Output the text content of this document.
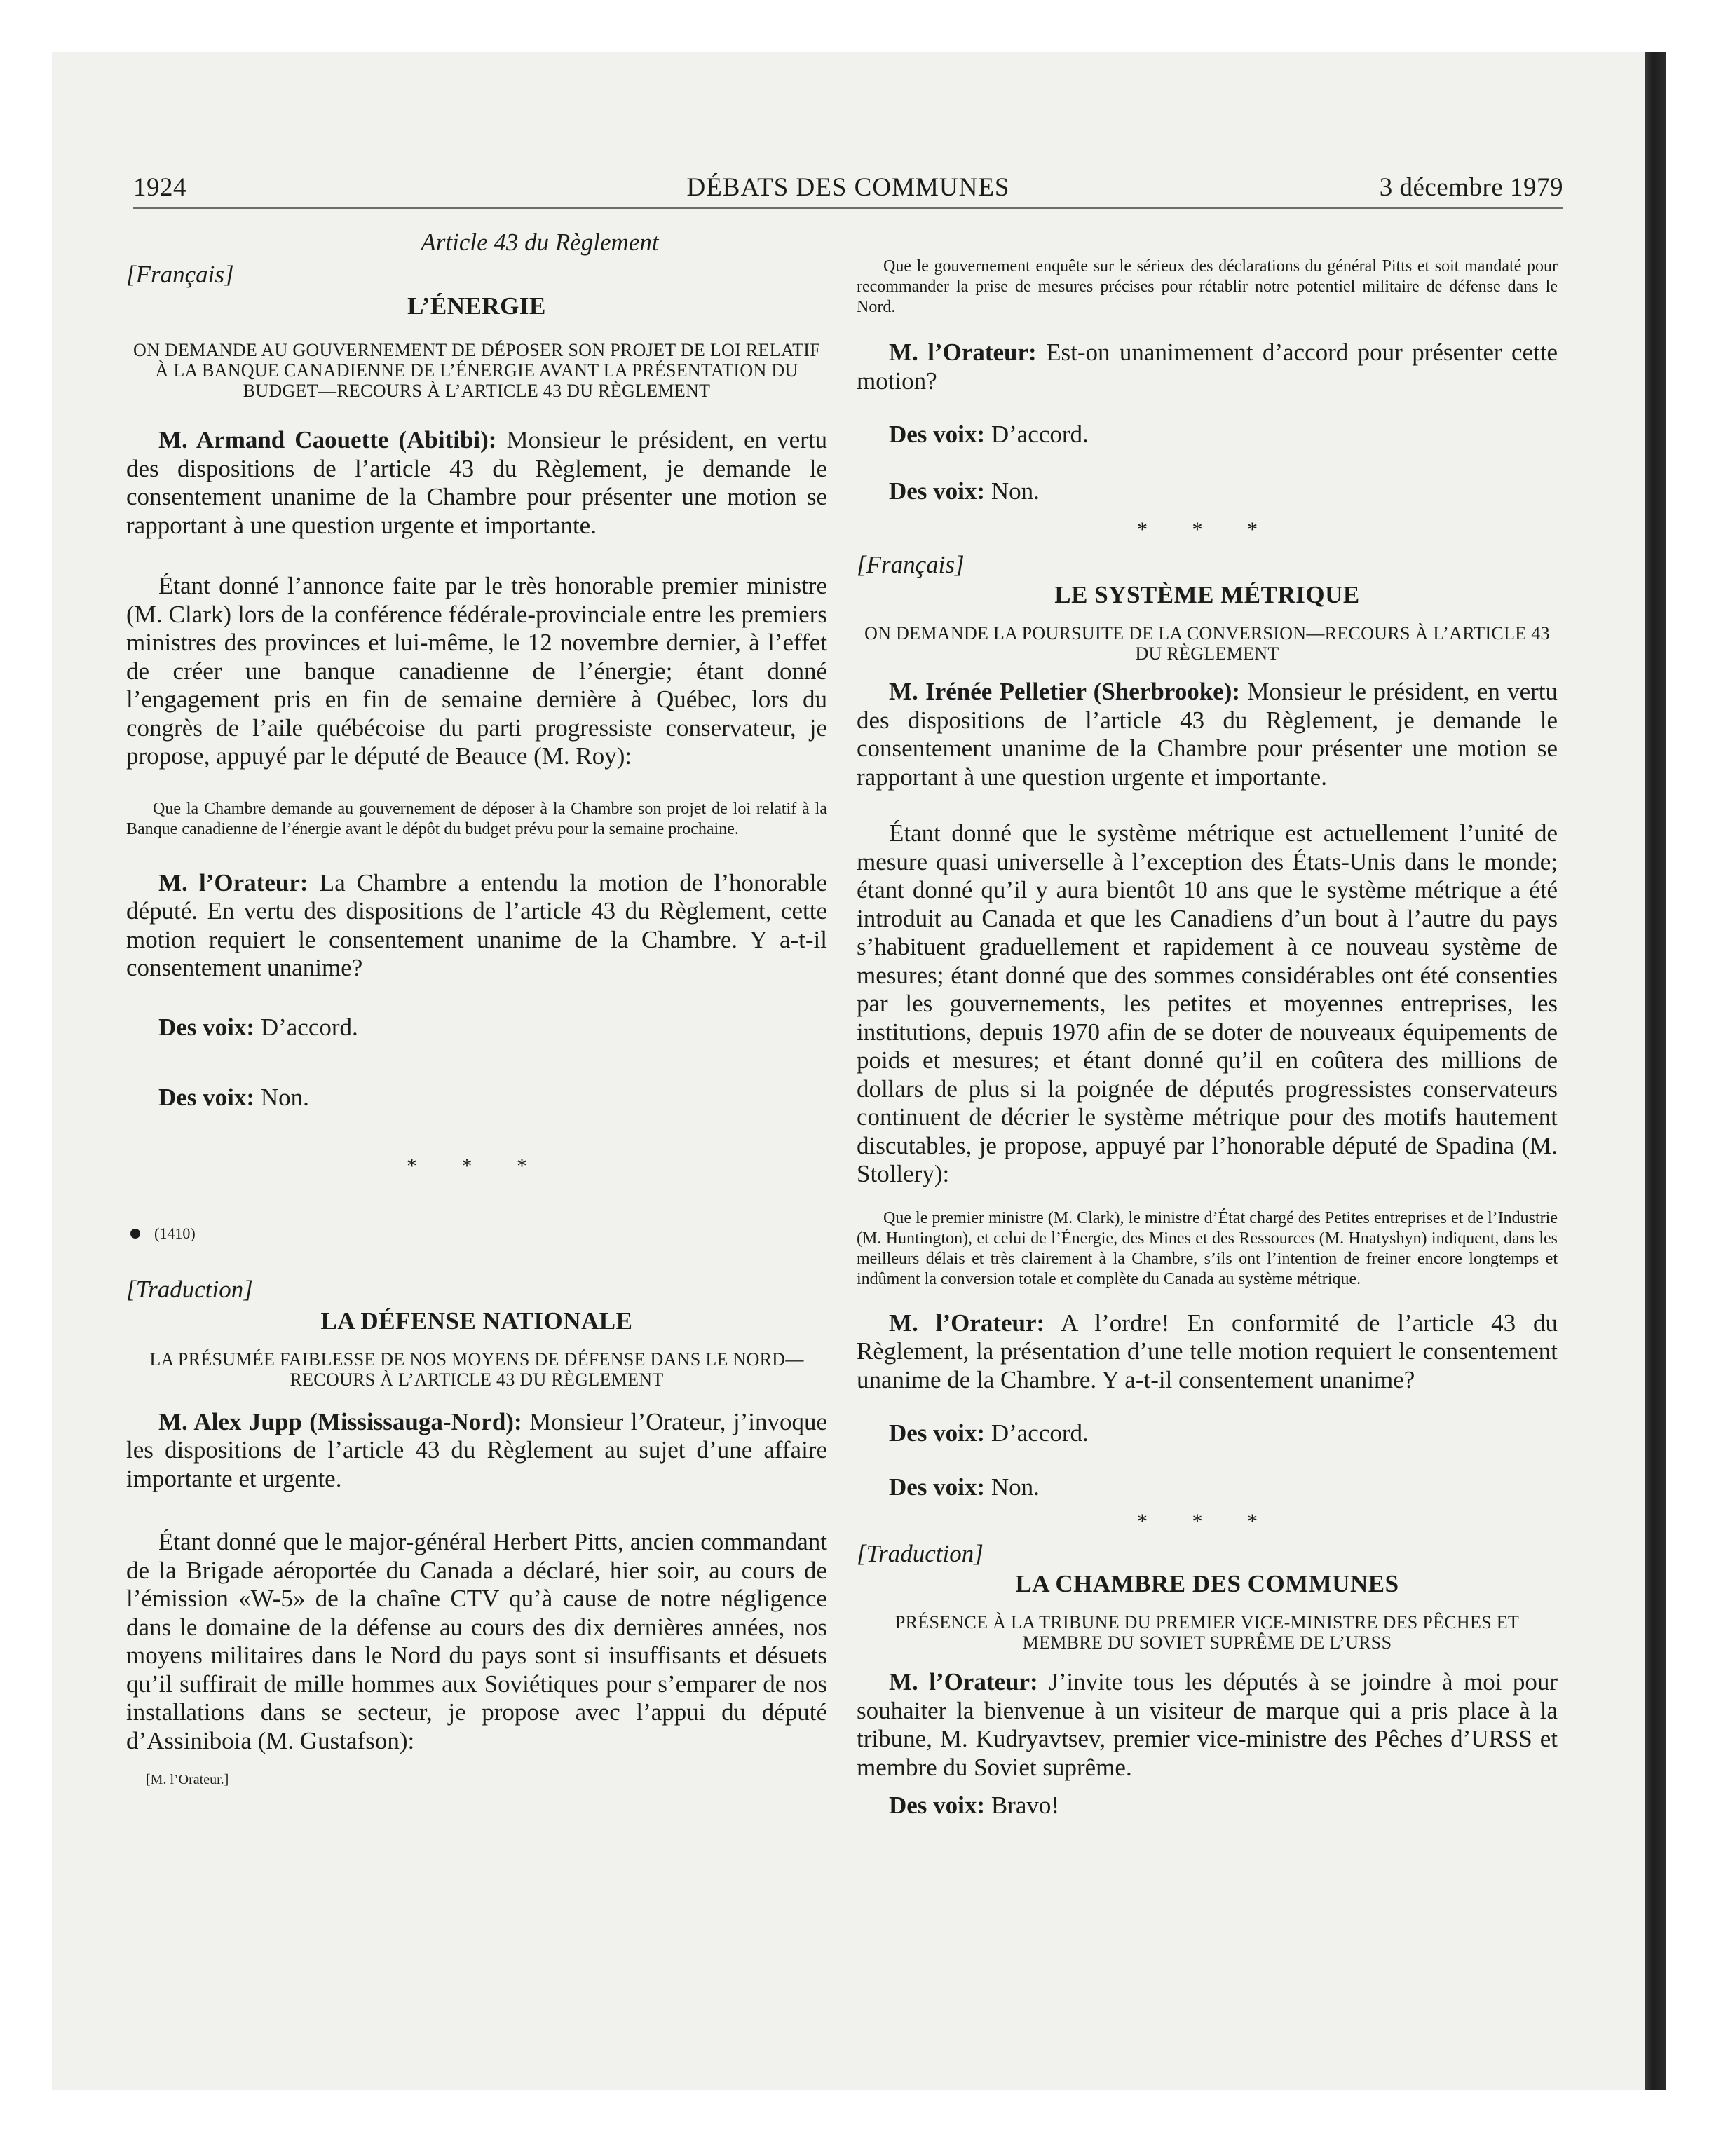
1924	DÉBATS DES COMMUNES	3 décembre 1979

Article 43 du Règlement

[Français]

L’ÉNERGIE

ON DEMANDE AU GOUVERNEMENT DE DÉPOSER SON PROJET DE LOI RELATIF À LA BANQUE CANADIENNE DE L’ÉNERGIE AVANT LA PRÉSENTATION DU BUDGET—RECOURS À L’ARTICLE 43 DU RÈGLEMENT

M. Armand Caouette (Abitibi): Monsieur le président, en vertu des dispositions de l’article 43 du Règlement, je demande le consentement unanime de la Chambre pour présenter une motion se rapportant à une question urgente et importante.

Étant donné l’annonce faite par le très honorable premier ministre (M. Clark) lors de la conférence fédérale-provinciale entre les premiers ministres des provinces et lui-même, le 12 novembre dernier, à l’effet de créer une banque canadienne de l’énergie; étant donné l’engagement pris en fin de semaine dernière à Québec, lors du congrès de l’aile québécoise du parti progressiste conservateur, je propose, appuyé par le député de Beauce (M. Roy):

Que la Chambre demande au gouvernement de déposer à la Chambre son projet de loi relatif à la Banque canadienne de l’énergie avant le dépôt du budget prévu pour la semaine prochaine.

M. l’Orateur: La Chambre a entendu la motion de l’honorable député. En vertu des dispositions de l’article 43 du Règlement, cette motion requiert le consentement unanime de la Chambre. Y a-t-il consentement unanime?

Des voix: D’accord.

Des voix: Non.

* * *

(1410)

[Traduction]

LA DÉFENSE NATIONALE

LA PRÉSUMÉE FAIBLESSE DE NOS MOYENS DE DÉFENSE DANS LE NORD—RECOURS À L’ARTICLE 43 DU RÈGLEMENT

M. Alex Jupp (Mississauga-Nord): Monsieur l’Orateur, j’invoque les dispositions de l’article 43 du Règlement au sujet d’une affaire importante et urgente.

Étant donné que le major-général Herbert Pitts, ancien commandant de la Brigade aéroportée du Canada a déclaré, hier soir, au cours de l’émission «W-5» de la chaîne CTV qu’à cause de notre négligence dans le domaine de la défense au cours des dix dernières années, nos moyens militaires dans le Nord du pays sont si insuffisants et désuets qu’il suffirait de mille hommes aux Soviétiques pour s’emparer de nos installations dans se secteur, je propose avec l’appui du député d’Assiniboia (M. Gustafson):

[M. l’Orateur.]

Que le gouvernement enquête sur le sérieux des déclarations du général Pitts et soit mandaté pour recommander la prise de mesures précises pour rétablir notre potentiel militaire de défense dans le Nord.

M. l’Orateur: Est-on unanimement d’accord pour présenter cette motion?

Des voix: D’accord.

Des voix: Non.

* * *

[Français]

LE SYSTÈME MÉTRIQUE

ON DEMANDE LA POURSUITE DE LA CONVERSION—RECOURS À L’ARTICLE 43 DU RÈGLEMENT

M. Irénée Pelletier (Sherbrooke): Monsieur le président, en vertu des dispositions de l’article 43 du Règlement, je demande le consentement unanime de la Chambre pour présenter une motion se rapportant à une question urgente et importante.

Étant donné que le système métrique est actuellement l’unité de mesure quasi universelle à l’exception des États-Unis dans le monde; étant donné qu’il y aura bientôt 10 ans que le système métrique a été introduit au Canada et que les Canadiens d’un bout à l’autre du pays s’habituent graduellement et rapidement à ce nouveau système de mesures; étant donné que des sommes considérables ont été consenties par les gouvernements, les petites et moyennes entreprises, les institutions, depuis 1970 afin de se doter de nouveaux équipements de poids et mesures; et étant donné qu’il en coûtera des millions de dollars de plus si la poignée de députés progressistes conservateurs continuent de décrier le système métrique pour des motifs hautement discutables, je propose, appuyé par l’honorable député de Spadina (M. Stollery):

Que le premier ministre (M. Clark), le ministre d’État chargé des Petites entreprises et de l’Industrie (M. Huntington), et celui de l’Énergie, des Mines et des Ressources (M. Hnatyshyn) indiquent, dans les meilleurs délais et très clairement à la Chambre, s’ils ont l’intention de freiner encore longtemps et indûment la conversion totale et complète du Canada au système métrique.

M. l’Orateur: A l’ordre! En conformité de l’article 43 du Règlement, la présentation d’une telle motion requiert le consentement unanime de la Chambre. Y a-t-il consentement unanime?

Des voix: D’accord.

Des voix: Non.

* * *

[Traduction]

LA CHAMBRE DES COMMUNES

PRÉSENCE À LA TRIBUNE DU PREMIER VICE-MINISTRE DES PÊCHES ET MEMBRE DU SOVIET SUPRÊME DE L’URSS

M. l’Orateur: J’invite tous les députés à se joindre à moi pour souhaiter la bienvenue à un visiteur de marque qui a pris place à la tribune, M. Kudryavtsev, premier vice-ministre des Pêches d’URSS et membre du Soviet suprême.

Des voix: Bravo!
